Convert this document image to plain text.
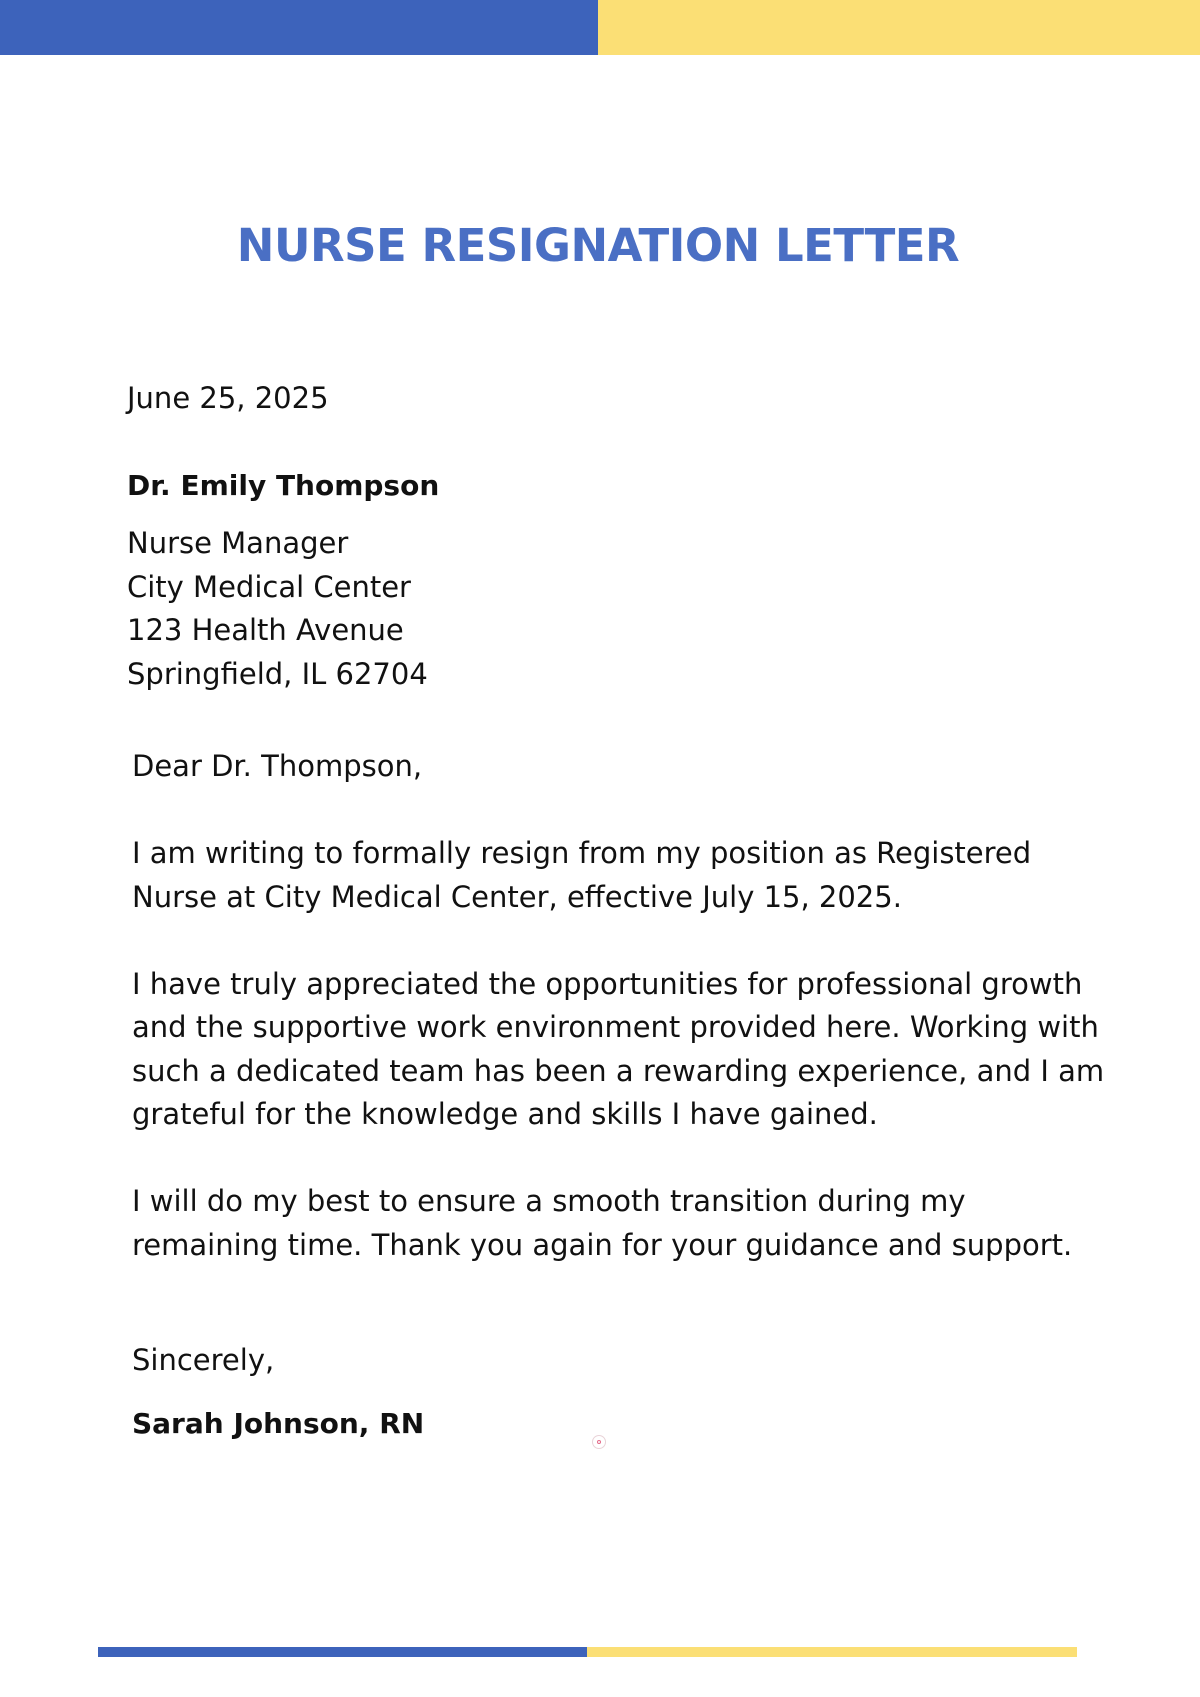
NURSE RESIGNATION LETTER

June 25, 2025

Dr. Emily Thompson
Nurse Manager
City Medical Center
123 Health Avenue
Springfield, IL 62704

Dear Dr. Thompson,

I am writing to formally resign from my position as Registered Nurse at City Medical Center, effective July 15, 2025.

I have truly appreciated the opportunities for professional growth and the supportive work environment provided here. Working with such a dedicated team has been a rewarding experience, and I am grateful for the knowledge and skills I have gained.

I will do my best to ensure a smooth transition during my remaining time. Thank you again for your guidance and support.

Sincerely,

Sarah Johnson, RN
